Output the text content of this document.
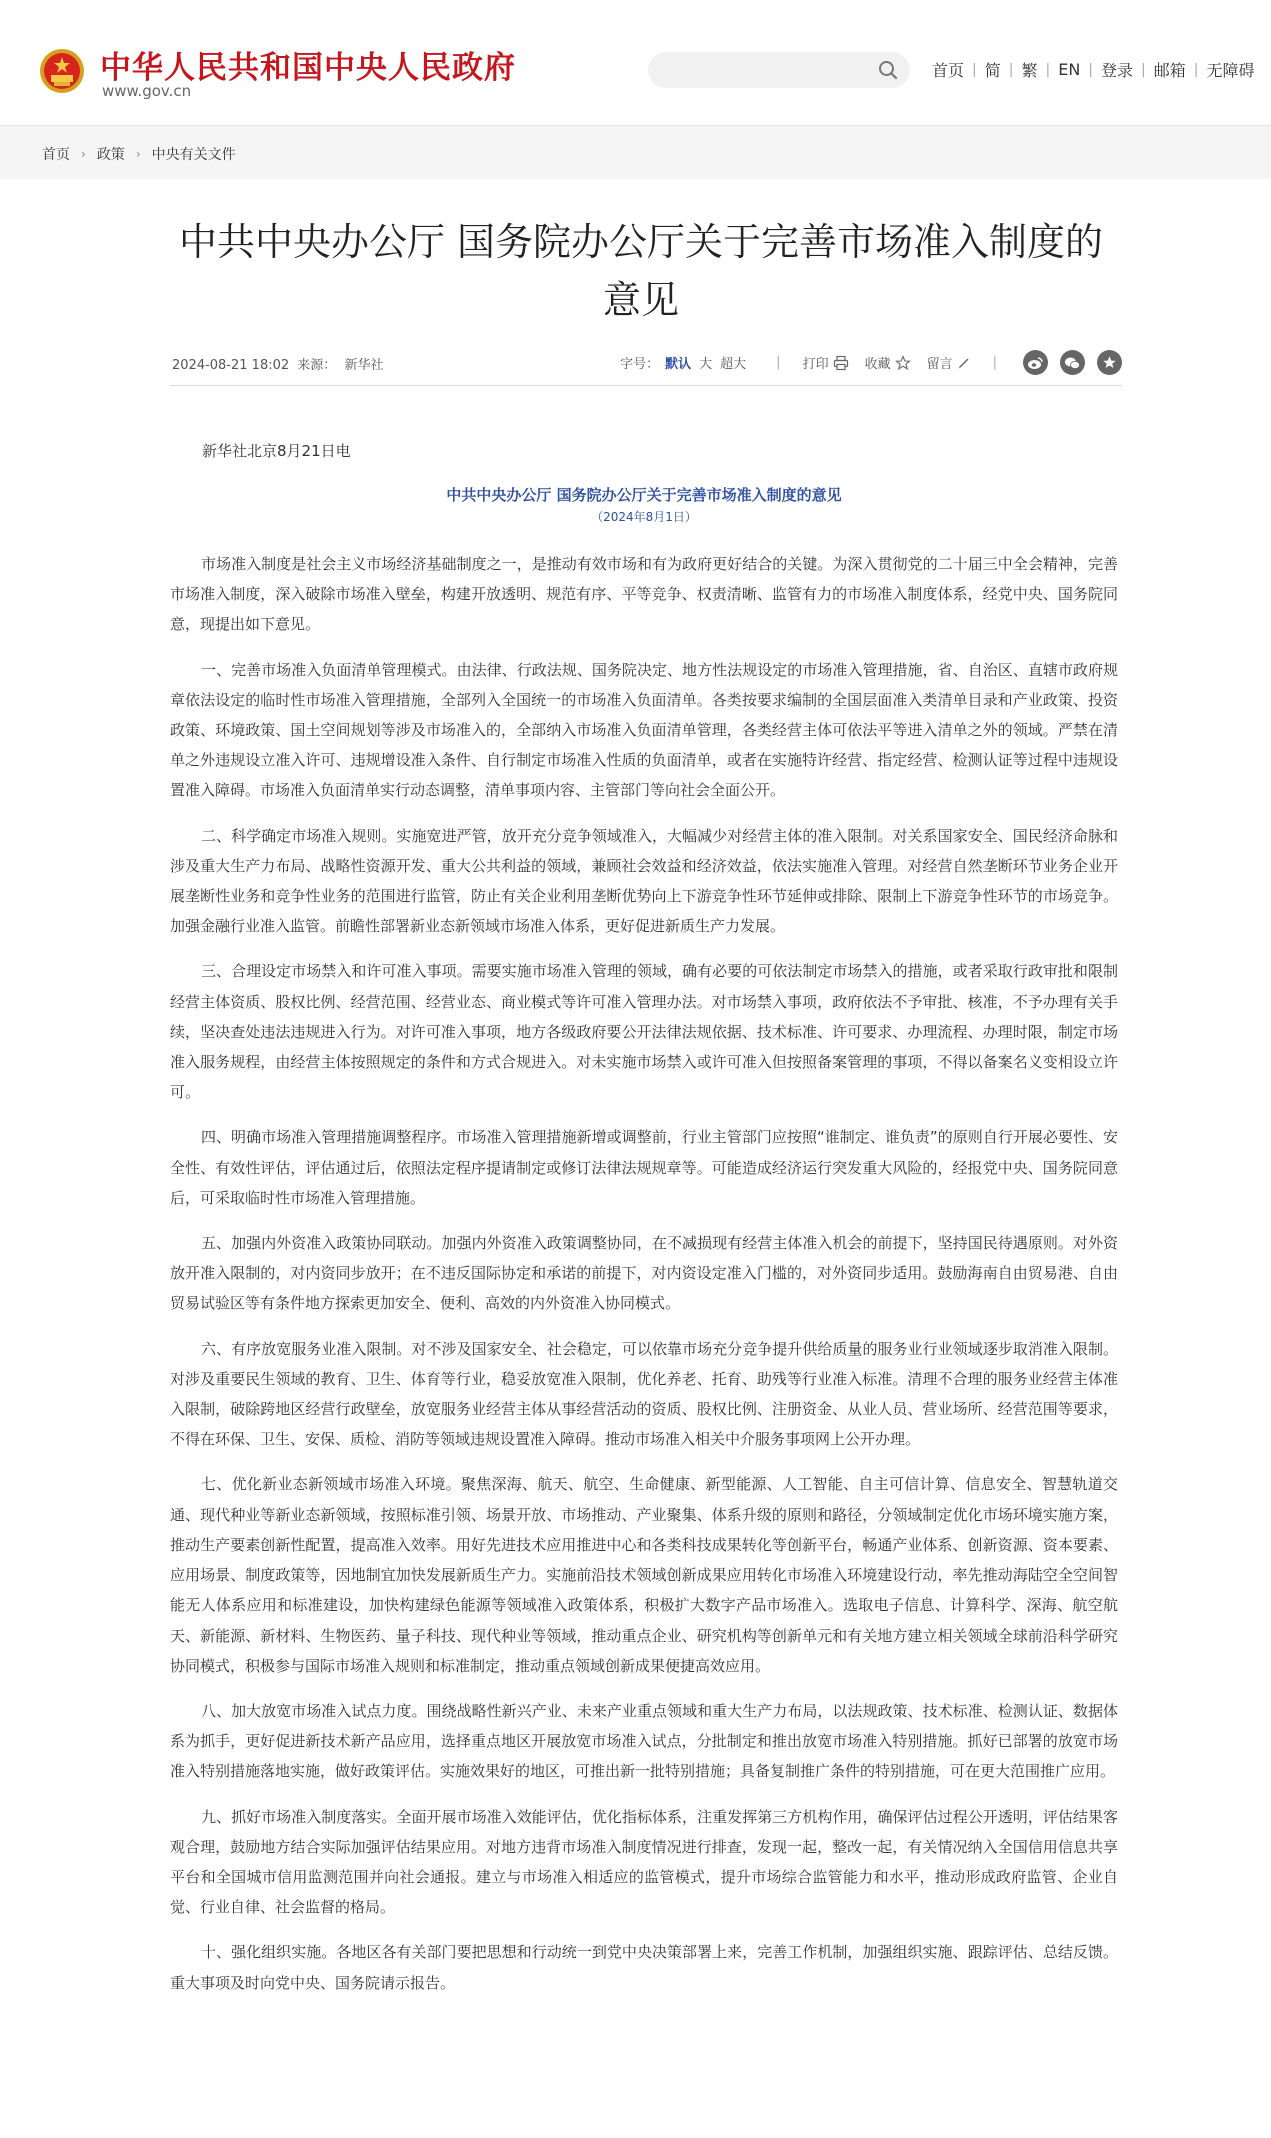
中华人民共和国中央人民政府
www.gov.cn
首页 | 简 | 繁 | EN | 登录 | 邮箱 | 无障碍
首页 › 政策 › 中央有关文件
中共中央办公厅 国务院办公厅关于完善市场准入制度的意见
2024-08-21 18:02 来源： 新华社	字号： 默认 大 超大 | 打印	收藏	留言	|

新华社北京8月21日电

中共中央办公厅 国务院办公厅关于完善市场准入制度的意见

（2024年8月1日）

市场准入制度是社会主义市场经济基础制度之一，是推动有效市场和有为政府更好结合的关键。为深入贯彻党的二十届三中全会精神，完善市场准入制度，深入破除市场准入壁垒，构建开放透明、规范有序、平等竞争、权责清晰、监管有力的市场准入制度体系，经党中央、国务院同意，现提出如下意见。

一、完善市场准入负面清单管理模式。由法律、行政法规、国务院决定、地方性法规设定的市场准入管理措施，省、自治区、直辖市政府规章依法设定的临时性市场准入管理措施，全部列入全国统一的市场准入负面清单。各类按要求编制的全国层面准入类清单目录和产业政策、投资政策、环境政策、国土空间规划等涉及市场准入的，全部纳入市场准入负面清单管理，各类经营主体可依法平等进入清单之外的领域。严禁在清单之外违规设立准入许可、违规增设准入条件、自行制定市场准入性质的负面清单，或者在实施特许经营、指定经营、检测认证等过程中违规设置准入障碍。市场准入负面清单实行动态调整，清单事项内容、主管部门等向社会全面公开。

二、科学确定市场准入规则。实施宽进严管，放开充分竞争领域准入，大幅减少对经营主体的准入限制。对关系国家安全、国民经济命脉和涉及重大生产力布局、战略性资源开发、重大公共利益的领域，兼顾社会效益和经济效益，依法实施准入管理。对经营自然垄断环节业务企业开展垄断性业务和竞争性业务的范围进行监管，防止有关企业利用垄断优势向上下游竞争性环节延伸或排除、限制上下游竞争性环节的市场竞争。加强金融行业准入监管。前瞻性部署新业态新领域市场准入体系，更好促进新质生产力发展。

三、合理设定市场禁入和许可准入事项。需要实施市场准入管理的领域，确有必要的可依法制定市场禁入的措施，或者采取行政审批和限制经营主体资质、股权比例、经营范围、经营业态、商业模式等许可准入管理办法。对市场禁入事项，政府依法不予审批、核准，不予办理有关手续，坚决查处违法违规进入行为。对许可准入事项，地方各级政府要公开法律法规依据、技术标准、许可要求、办理流程、办理时限，制定市场准入服务规程，由经营主体按照规定的条件和方式合规进入。对未实施市场禁入或许可准入但按照备案管理的事项，不得以备案名义变相设立许可。

四、明确市场准入管理措施调整程序。市场准入管理措施新增或调整前，行业主管部门应按照“谁制定、谁负责”的原则自行开展必要性、安全性、有效性评估，评估通过后，依照法定程序提请制定或修订法律法规规章等。可能造成经济运行突发重大风险的，经报党中央、国务院同意后，可采取临时性市场准入管理措施。

五、加强内外资准入政策协同联动。加强内外资准入政策调整协同，在不减损现有经营主体准入机会的前提下，坚持国民待遇原则。对外资放开准入限制的，对内资同步放开；在不违反国际协定和承诺的前提下，对内资设定准入门槛的，对外资同步适用。鼓励海南自由贸易港、自由贸易试验区等有条件地方探索更加安全、便利、高效的内外资准入协同模式。

六、有序放宽服务业准入限制。对不涉及国家安全、社会稳定，可以依靠市场充分竞争提升供给质量的服务业行业领域逐步取消准入限制。对涉及重要民生领域的教育、卫生、体育等行业，稳妥放宽准入限制，优化养老、托育、助残等行业准入标准。清理不合理的服务业经营主体准入限制，破除跨地区经营行政壁垒，放宽服务业经营主体从事经营活动的资质、股权比例、注册资金、从业人员、营业场所、经营范围等要求，不得在环保、卫生、安保、质检、消防等领域违规设置准入障碍。推动市场准入相关中介服务事项网上公开办理。

七、优化新业态新领域市场准入环境。聚焦深海、航天、航空、生命健康、新型能源、人工智能、自主可信计算、信息安全、智慧轨道交通、现代种业等新业态新领域，按照标准引领、场景开放、市场推动、产业聚集、体系升级的原则和路径，分领域制定优化市场环境实施方案，推动生产要素创新性配置，提高准入效率。用好先进技术应用推进中心和各类科技成果转化等创新平台，畅通产业体系、创新资源、资本要素、应用场景、制度政策等，因地制宜加快发展新质生产力。实施前沿技术领域创新成果应用转化市场准入环境建设行动，率先推动海陆空全空间智能无人体系应用和标准建设，加快构建绿色能源等领域准入政策体系，积极扩大数字产品市场准入。选取电子信息、计算科学、深海、航空航天、新能源、新材料、生物医药、量子科技、现代种业等领域，推动重点企业、研究机构等创新单元和有关地方建立相关领域全球前沿科学研究协同模式，积极参与国际市场准入规则和标准制定，推动重点领域创新成果便捷高效应用。

八、加大放宽市场准入试点力度。围绕战略性新兴产业、未来产业重点领域和重大生产力布局，以法规政策、技术标准、检测认证、数据体系为抓手，更好促进新技术新产品应用，选择重点地区开展放宽市场准入试点，分批制定和推出放宽市场准入特别措施。抓好已部署的放宽市场准入特别措施落地实施，做好政策评估。实施效果好的地区，可推出新一批特别措施；具备复制推广条件的特别措施，可在更大范围推广应用。

九、抓好市场准入制度落实。全面开展市场准入效能评估，优化指标体系，注重发挥第三方机构作用，确保评估过程公开透明，评估结果客观合理，鼓励地方结合实际加强评估结果应用。对地方违背市场准入制度情况进行排查，发现一起，整改一起，有关情况纳入全国信用信息共享平台和全国城市信用监测范围并向社会通报。建立与市场准入相适应的监管模式，提升市场综合监管能力和水平，推动形成政府监管、企业自觉、行业自律、社会监督的格局。

十、强化组织实施。各地区各有关部门要把思想和行动统一到党中央决策部署上来，完善工作机制，加强组织实施、跟踪评估、总结反馈。重大事项及时向党中央、国务院请示报告。
